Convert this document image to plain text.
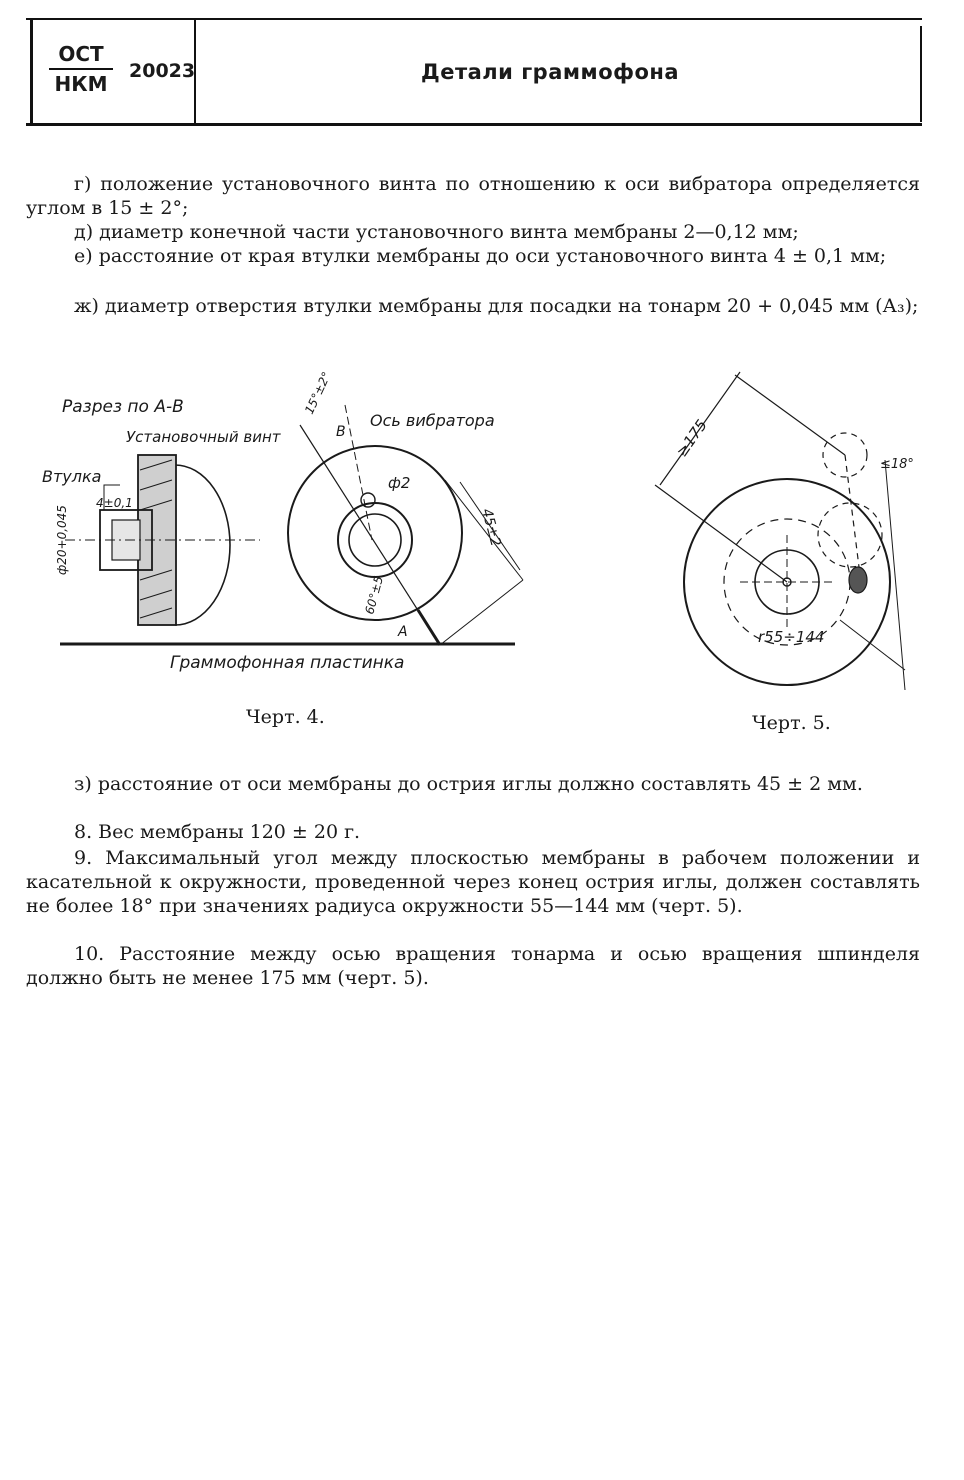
ОСТ
НКМ
20023	Детали граммофона

г) положение установочного винта по отношению к оси вибратора определяется углом в 15 ± 2°;

д) диаметр конечной части установочного винта мембраны 2—0,12 мм;

е) расстояние от края втулки мембраны до оси установочного винта 4 ± 0,1 мм;

ж) диаметр отверстия втулки мембраны для посадки на тонарм 20 + 0,045 мм (А₃);

Разрез по А-В
Установочный винт
Втулка
Ось вибратора
Граммофонная пластинка
ф20+0,045
4±0,1
ф2
45±2
15°±2°
60°±5
А
В	≥175
r55÷144
≤18°
Черт. 4.	Черт. 5.

з) расстояние от оси мембраны до острия иглы должно составлять 45 ± 2 мм.

8. Вес мембраны 120 ± 20 г.

9. Максимальный угол между плоскостью мембраны в рабочем положении и касательной к окружности, проведенной через конец острия иглы, должен составлять не более 18° при значениях радиуса окружности 55—144 мм (черт. 5).

10. Расстояние между осью вращения тонарма и осью вращения шпинделя должно быть не менее 175 мм (черт. 5).
